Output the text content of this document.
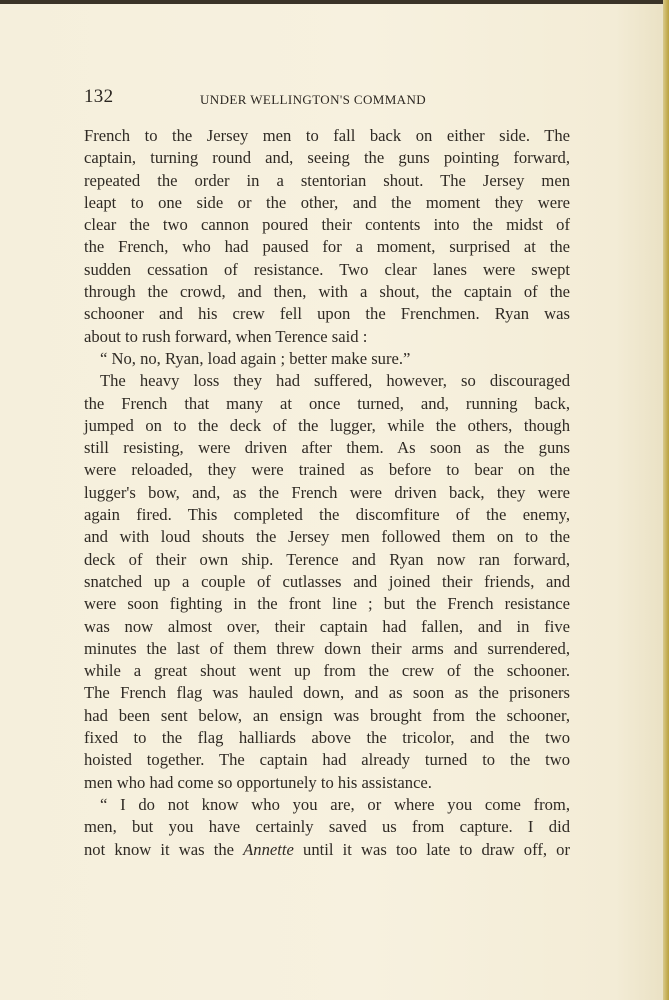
132	UNDER WELLINGTON'S COMMAND
French to the Jersey men to fall back on either side. The
captain, turning round and, seeing the guns pointing forward,
repeated the order in a stentorian shout. The Jersey men
leapt to one side or the other, and the moment they were
clear the two cannon poured their contents into the midst of
the French, who had paused for a moment, surprised at the
sudden cessation of resistance. Two clear lanes were swept
through the crowd, and then, with a shout, the captain of the
schooner and his crew fell upon the Frenchmen. Ryan was
about to rush forward, when Terence said :
“ No, no, Ryan, load again ; better make sure.”
The heavy loss they had suffered, however, so discouraged
the French that many at once turned, and, running back,
jumped on to the deck of the lugger, while the others, though
still resisting, were driven after them. As soon as the guns
were reloaded, they were trained as before to bear on the
lugger's bow, and, as the French were driven back, they were
again fired. This completed the discomfiture of the enemy,
and with loud shouts the Jersey men followed them on to the
deck of their own ship. Terence and Ryan now ran forward,
snatched up a couple of cutlasses and joined their friends, and
were soon fighting in the front line ; but the French resistance
was now almost over, their captain had fallen, and in five
minutes the last of them threw down their arms and surrendered,
while a great shout went up from the crew of the schooner.
The French flag was hauled down, and as soon as the prisoners
had been sent below, an ensign was brought from the schooner,
fixed to the flag halliards above the tricolor, and the two
hoisted together. The captain had already turned to the two
men who had come so opportunely to his assistance.
“ I do not know who you are, or where you come from,
men, but you have certainly saved us from capture. I did
not know it was the Annette until it was too late to draw off, or
